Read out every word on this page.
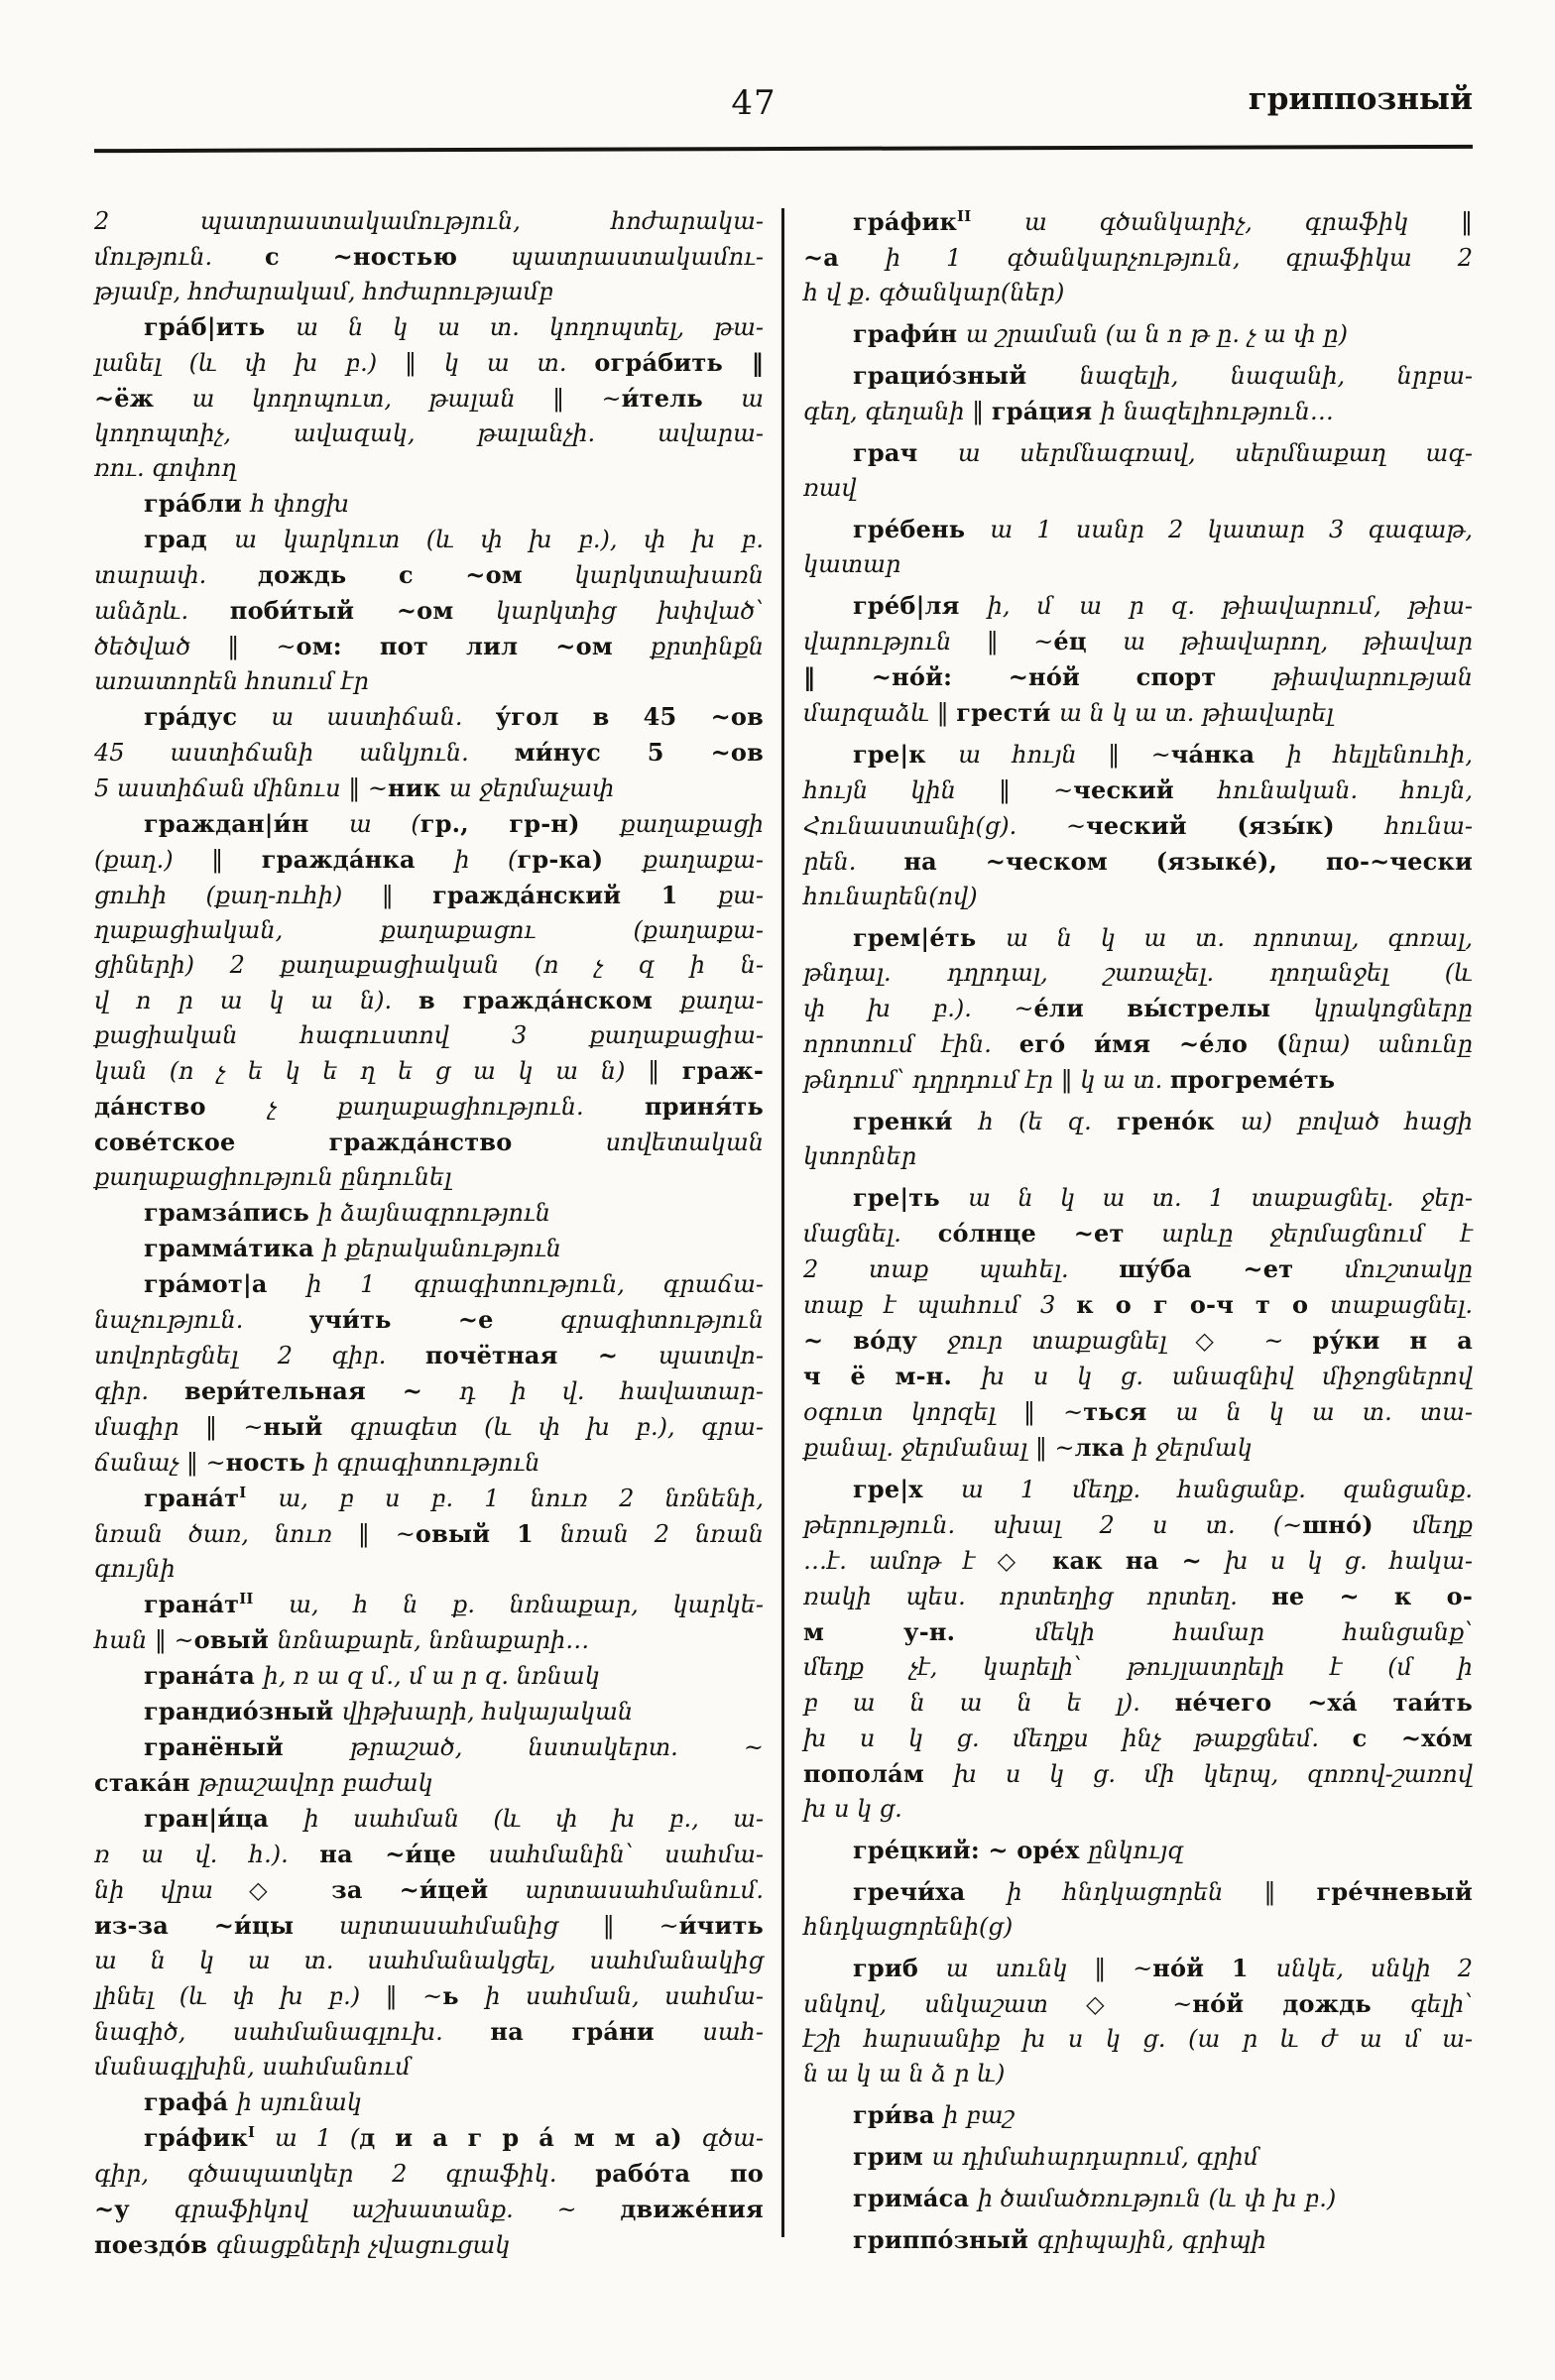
47	гриппозный

2 պատրաստակամություն, հոժարակա-
մություն. с ~ностью պատրաստակամու-
թյամբ, հոժարակամ, հոժարությամբ

гра́б|ить ա ն կ ա տ. կողոպտել, թա-
լանել (և փ խ բ.) ‖ կ ա տ. огра́бить ‖
~ёж ա կողոպուտ, թալան ‖ ~и́тель ա
կողոպտիչ, ավազակ, թալանչի. ավարա-
ռու. գոփող

гра́бли հ փոցխ

град ա կարկուտ (և փ խ բ.), փ խ բ.
տարափ. дождь с ~ом կարկտախառն
անձրև. поби́тый ~ом կարկտից խփված՝
ծեծված ‖ ~ом: пот лил ~ом քրտինքն
առատորեն հոսում էր

гра́дус ա աստիճան. у́гол в 45 ~ов
45 աստիճանի անկյուն. ми́нус 5 ~ов
5 աստիճան մինուս ‖ ~ник ա ջերմաչափ

граждан|и́н ա (гр., гр-н) քաղաքացի
(քաղ.) ‖ гражда́нка ի (гр-ка) քաղաքա-
ցուհի (քաղ-ուհի) ‖ гражда́нский 1 քա-
ղաքացիական, քաղաքացու (քաղաքա-
ցիների) 2 քաղաքացիական (ո չ զ ի ն-
վ ո ր ա կ ա ն). в гражда́нском քաղա-
քացիական հագուստով 3 քաղաքացիա-
կան (ո չ ե կ ե ղ ե ց ա կ ա ն) ‖ граж-
да́нство չ քաղաքացիություն. приня́ть
сове́тское гражда́нство սովետական
քաղաքացիություն ընդունել

грамза́пись ի ձայնագրություն

грамма́тика ի քերականություն

гра́мот|а ի 1 գրագիտություն, գրաճա-
նաչություն. учи́ть ~е գրագիտություն
սովորեցնել 2 գիր. почётная ~ պատվո-
գիր. вери́тельная ~ դ ի վ. հավատար-
մագիր ‖ ~ный գրագետ (և փ խ բ.), գրա-
ճանաչ ‖ ~ность ի գրագիտություն

$грана́т^I$ ա, բ ս բ. 1 նուռ 2 նռնենի,
նռան ծառ, նուռ ‖ ~овый 1 նռան 2 նռան
գույնի

$грана́т^{II}$ ա, հ ն ք. նռնաքար, կարկե-
հան ‖ ~овый նռնաքարե, նռնաքարի…

грана́та ի, ռ ա զ մ., մ ա ր զ. նռնակ

грандио́зный վիթխարի, հսկայական

гранёный թրաշած, նստակերտ. ~
стака́н թրաշավոր բաժակ

гран|и́ца ի սահման (և փ խ բ., ա-
ռ ա վ. հ.). на ~и́це սահմանին՝ սահմա-
նի վրա ◇ за ~и́цей արտասահմանում.
из-за ~и́цы արտասահմանից ‖ ~и́чить
ա ն կ ա տ. սահմանակցել, սահմանակից
լինել (և փ խ բ.) ‖ ~ь ի սահման, սահմա-
նագիծ, սահմանագլուխ. на гра́ни սահ-
մանագլխին, սահմանում

графа́ ի սյունակ

гра́фик$^I$ ա 1 (д и а г р а́ м м а) գծա-
գիր, գծապատկեր 2 գրաֆիկ. рабо́та по
~у գրաֆիկով աշխատանք. ~ движе́ния
поездо́в գնացքների չվացուցակ

гра́фик$^{II}$ ա գծանկարիչ, գրաֆիկ ‖
~а ի 1 գծանկարչություն, գրաֆիկա 2
հ վ ք. գծանկար(ներ)

графи́н ա շրաման (ա ն ո թ ը. չ ա փ ը)

грацио́зный նազելի, նազանի, նրբա-
գեղ, գեղանի ‖ гра́ция ի նազելիություն…

грач ա սերմնագռավ, սերմնաքաղ ագ-
ռավ

гре́бень ա 1 սանր 2 կատար 3 գագաթ,
կատար

гре́б|ля ի, մ ա ր զ. թիավարում, թիա-
վարություն ‖ ~е́ц ա թիավարող, թիավար
‖ ~но́й: ~но́й спорт թիավարության
մարզաձև ‖ грести́ ա ն կ ա տ. թիավարել

гре|к ա հույն ‖ ~ча́нка ի հելլենուհի,
հույն կին ‖ ~ческий հունական. հույն,
Հունաստանի(ց). ~ческий (язы́к) հունա-
րեն. на ~ческом (языке́), по-~чески
հունարեն(ով)

грем|е́ть ա ն կ ա տ. որոտալ, գոռալ,
թնդալ. դղրդալ, շառաչել. ղողանջել (և
փ խ բ.). ~е́ли вы́стрелы կրակոցները
որոտում էին. его́ и́мя ~е́ло (նրա) անունը
թնդում՝ դղրդում էր ‖ կ ա տ. прогреме́ть

гренки́ հ (ե զ. грено́к ա) բոված հացի
կտորներ

гре|ть ա ն կ ա տ. 1 տաքացնել. ջեր-
մացնել. со́лнце ~ет արևը ջերմացնում է
2 տաք պահել. шу́ба ~ет մուշտակը
տաք է պահում 3 к о г о-ч т о տաքացնել.
~ во́ду ջուր տաքացնել ◇ ~ ру́ки н а
ч ё м-н. խ ս կ ց. անազնիվ միջոցներով
օգուտ կորզել ‖ ~ться ա ն կ ա տ. տա-
քանալ. ջերմանալ ‖ ~лка ի ջերմակ

гре|х ա 1 մեղք. հանցանք. զանցանք.
թերություն. սխալ 2 ս տ. (~шно́) մեղք
…է. ամոթ է ◇ как на ~ խ ս կ ց. հակա-
ռակի պես. որտեղից որտեղ. не ~ к о-
м у-н. մեկի համար հանցանք՝
մեղք չէ, կարելի՝ թույլատրելի է (մ ի
բ ա ն ա ն ե լ). не́чего ~ха́ таи́ть
խ ս կ ց. մեղքս ինչ թաքցնեմ. с ~хо́м
попола́м խ ս կ ց. մի կերպ, զոռով-շառով
խ ս կ ց.

гре́цкий: ~ оре́х ընկույզ

гречи́ха ի հնդկացորեն ‖ гре́чневый
հնդկացորենի(ց)

гриб ա սունկ ‖ ~но́й 1 սնկե, սնկի 2
սնկով, սնկաշատ ◇ ~но́й дождь գելի՝
էշի հարսանիք խ ս կ ց. (ա ր և ժ ա մ ա-
ն ա կ ա ն ձ ր և)

гри́ва ի բաշ

грим ա դիմահարդարում, գրիմ

грима́са ի ծամածռություն (և փ խ բ.)

гриппо́зный գրիպային, գրիպի
